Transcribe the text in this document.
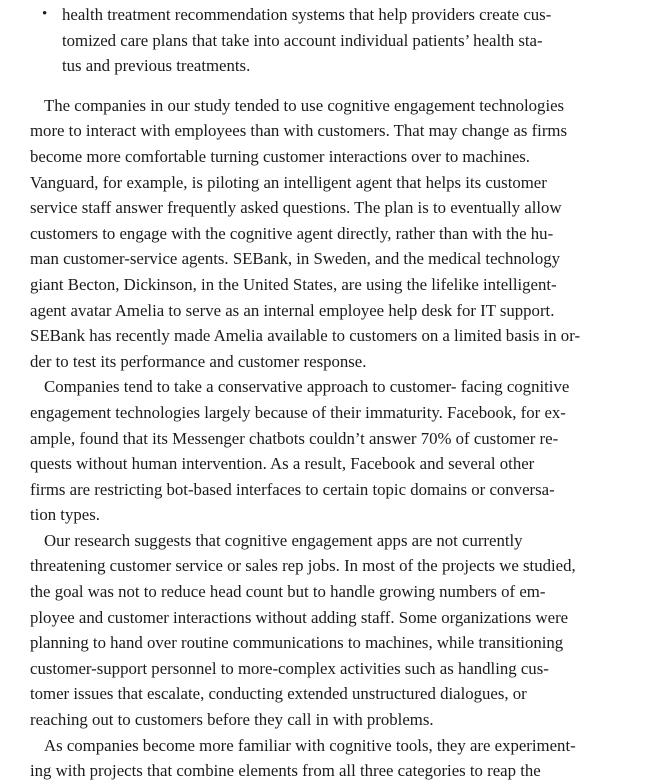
• health treatment recommendation systems that help providers create cus-
tomized care plans that take into account individual patients’ health sta-
tus and previous treatments.
The companies in our study tended to use cognitive engagement technologies
more to interact with employees than with customers. That may change as firms
become more comfortable turning customer interactions over to machines.
Vanguard, for example, is piloting an intelligent agent that helps its customer
service staff answer frequently asked questions. The plan is to eventually allow
customers to engage with the cognitive agent directly, rather than with the hu-
man customer-service agents. SEBank, in Sweden, and the medical technology
giant Becton, Dickinson, in the United States, are using the lifelike intelligent-
agent avatar Amelia to serve as an internal employee help desk for IT support.
SEBank has recently made Amelia available to customers on a limited basis in or-
der to test its performance and customer response.
Companies tend to take a conservative approach to customer- facing cognitive
engagement technologies largely because of their immaturity. Facebook, for ex-
ample, found that its Messenger chatbots couldn’t answer 70% of customer re-
quests without human intervention. As a result, Facebook and several other
firms are restricting bot-based interfaces to certain topic domains or conversa-
tion types.
Our research suggests that cognitive engagement apps are not currently
threatening customer service or sales rep jobs. In most of the projects we studied,
the goal was not to reduce head count but to handle growing numbers of em-
ployee and customer interactions without adding staff. Some organizations were
planning to hand over routine communications to machines, while transitioning
customer-support personnel to more-complex activities such as handling cus-
tomer issues that escalate, conducting extended unstructured dialogues, or
reaching out to customers before they call in with problems.
As companies become more familiar with cognitive tools, they are experiment-
ing with projects that combine elements from all three categories to reap the
